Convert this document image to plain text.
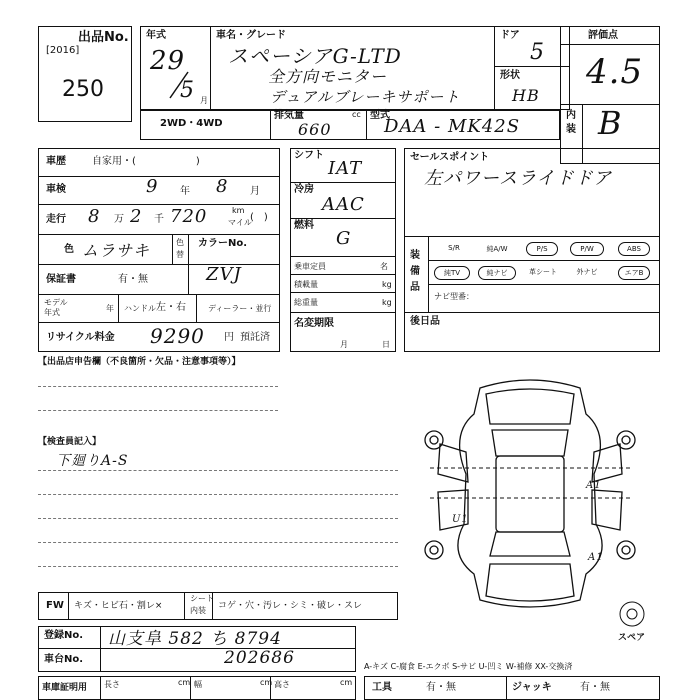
出品No.
[2016]
250
年式
29
5 月
車名・グレード
スペーシアG-LTD
全方向モニター
デュアルブレーキサポート
ドア
5
形状
HB
評価点
4.5
内
装 B
2WD・4WD
排気量	cc
660
型式
DAA - MK42S
車歴	自家用・(　　　　　　)
車検	9 年 8 月
走行 8 万 2 千 720	km
マイル
(　)
色 ムラサキ	色
替
カラーNo.
ZVJ
保証書	有・無
モデル
年式	年 ハンドル 左・右	ディーラー・並行
リサイクル料金 9290 円 預託済
シフト
IAT
冷房
AAC
燃料
G
乗車定員	名
積載量	kg
総重量	kg
名変期限
月	日
セールスポイント
左パワースライドドア
装
備
品
S/R	純A/W	P/S	P/W	ABS
純TV	純ナビ	革シート	外ナビ	エアB
ナビ型番：
後日品
【出品店申告欄（不良箇所・欠品・注意事項等）】
【検査員記入】
下廻りA-S
A1
A1
U1
スペア
FW キズ・ヒビ石・割レ×
シート
内装 コゲ・穴・汚レ・シミ・破レ・スレ
登録No. 山支阜 582 ち 8794
車台No.	202686	A-キズ C-腐食 E-エクボ S-サビ U-凹ミ W-補修 XX-交換済
車庫証明用 長さ	cm 幅	cm 高さ	cm 工具	有・無	ジャッキ	有・無
